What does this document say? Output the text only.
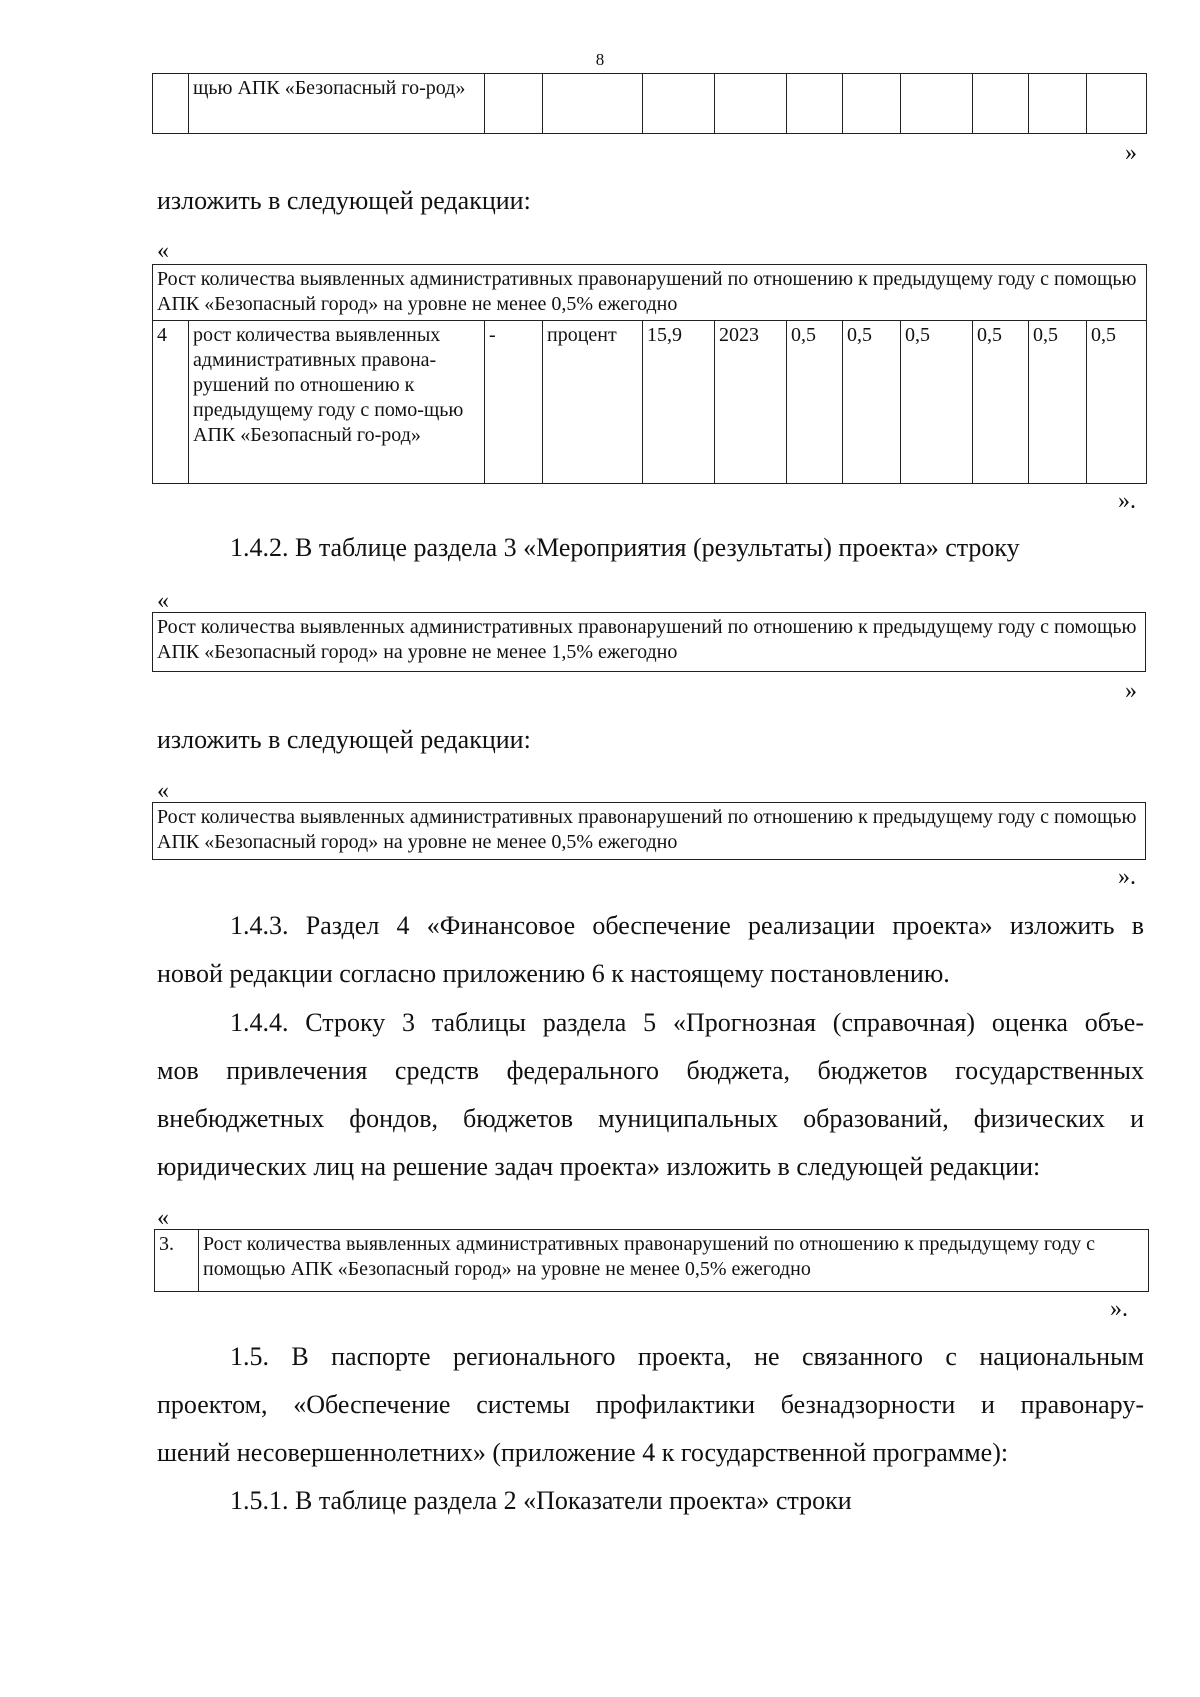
8
	щью АПК «Безопасный го-род»										
»
изложить в следующей редакции:
«
Рост количества выявленных административных правонарушений по отношению к предыдущему году с помощью АПК «Безопасный город» на уровне не менее 0,5% ежегодно
4	рост количества выявленных административных правона-рушений по отношению к предыдущему году с помо-щью АПК «Безопасный го-род»	-	процент	15,9	2023	0,5	0,5	0,5	0,5	0,5	0,5
».
1.4.2. В таблице раздела 3 «Мероприятия (результаты) проекта» строку
«
Рост количества выявленных административных правонарушений по отношению к предыдущему году с помощью АПК «Безопасный город» на уровне не менее 1,5% ежегодно
»
изложить в следующей редакции:
«
Рост количества выявленных административных правонарушений по отношению к предыдущему году с помощью АПК «Безопасный город» на уровне не менее 0,5% ежегодно
».
1.4.3. Раздел 4 «Финансовое обеспечение реализации проекта» изложить в
новой редакции согласно приложению 6 к настоящему постановлению.
1.4.4. Строку 3 таблицы раздела 5 «Прогнозная (справочная) оценка объе-
мов привлечения средств федерального бюджета, бюджетов государственных
внебюджетных фондов, бюджетов муниципальных образований, физических и
юридических лиц на решение задач проекта» изложить в следующей редакции:
«
3.	Рост количества выявленных административных правонарушений по отношению к предыдущему году с помощью АПК «Безопасный город» на уровне не менее 0,5% ежегодно
».
1.5. В паспорте регионального проекта, не связанного с национальным
проектом, «Обеспечение системы профилактики безнадзорности и правонару-
шений несовершеннолетних» (приложение 4 к государственной программе):
1.5.1. В таблице раздела 2 «Показатели проекта» строки
